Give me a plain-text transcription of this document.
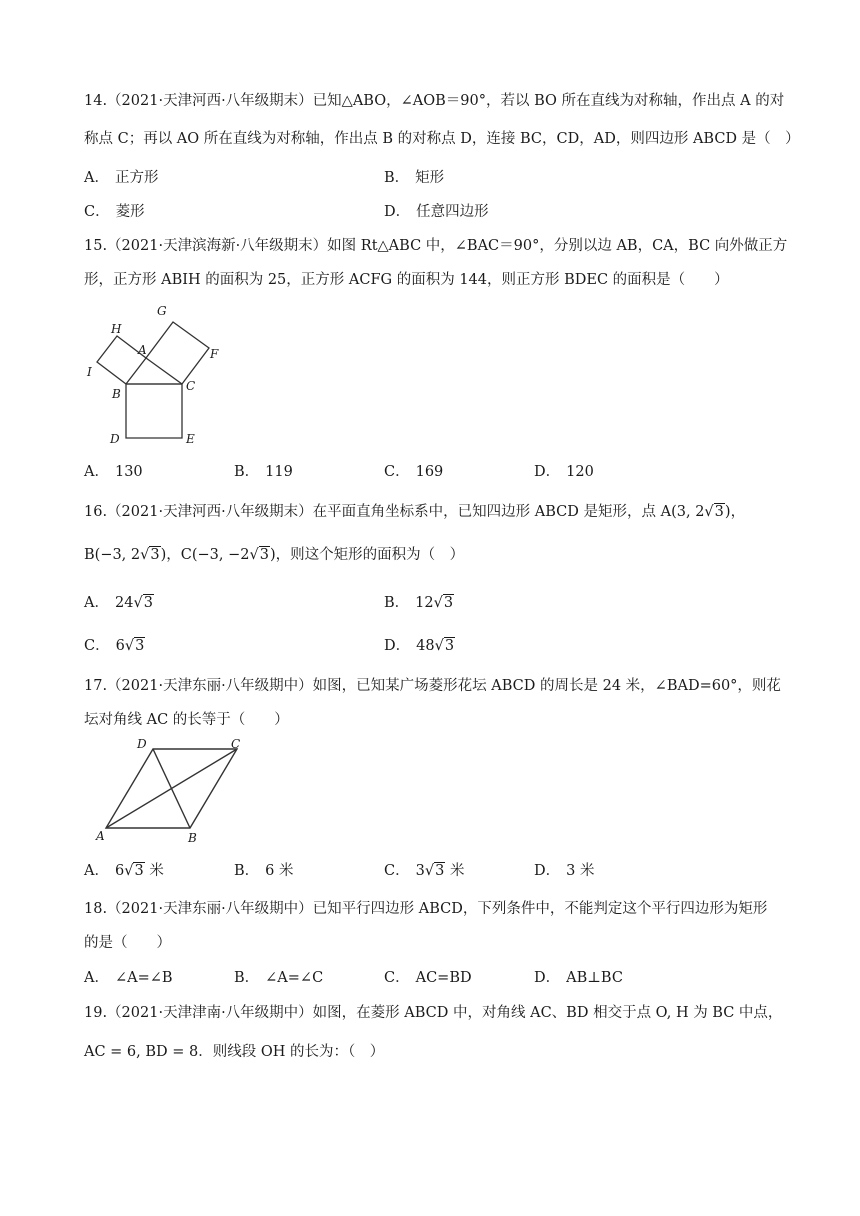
14.（2021·天津河西·八年级期末）已知△ABO，∠AOB＝90°，若以 BO 所在直线为对称轴，作出点 A 的对
称点 C；再以 AO 所在直线为对称轴，作出点 B 的对称点 D，连接 BC，CD，AD，则四边形 ABCD 是（　）
A． 正方形	B． 矩形
C． 菱形	D． 任意四边形
15.（2021·天津滨海新·八年级期末）如图 Rt△ABC 中，∠BAC＝90°，分别以边 AB，CA，BC 向外做正方
形，正方形 ABIH 的面积为 25，正方形 ACFG 的面积为 144，则正方形 BDEC 的面积是（　　）
H
G
A	F
I
C
B
D	E
A． 130	B． 119	C． 169	D． 120
16.（2021·天津河西·八年级期末）在平面直角坐标系中，已知四边形 ABCD 是矩形，点 A(3, 2√3)，
B(−3, 2√3)，C(−3, −2√3)，则这个矩形的面积为（　）
A． 24√3	B． 12√3
C． 6√3	D． 48√3
17.（2021·天津东丽·八年级期中）如图，已知某广场菱形花坛 ABCD 的周长是 24 米，∠BAD=60°，则花
坛对角线 AC 的长等于（　　）
D	C
A	B
A． 6√3 米	B． 6 米	C． 3√3 米	D． 3 米
18.（2021·天津东丽·八年级期中）已知平行四边形 ABCD，下列条件中，不能判定这个平行四边形为矩形
的是（　　）
A． ∠A=∠B	B． ∠A=∠C	C． AC=BD	D． AB⊥BC
19.（2021·天津津南·八年级期中）如图，在菱形 ABCD 中，对角线 AC、BD 相交于点 O, H 为 BC 中点，
AC = 6, BD = 8．则线段 OH 的长为：（　）
